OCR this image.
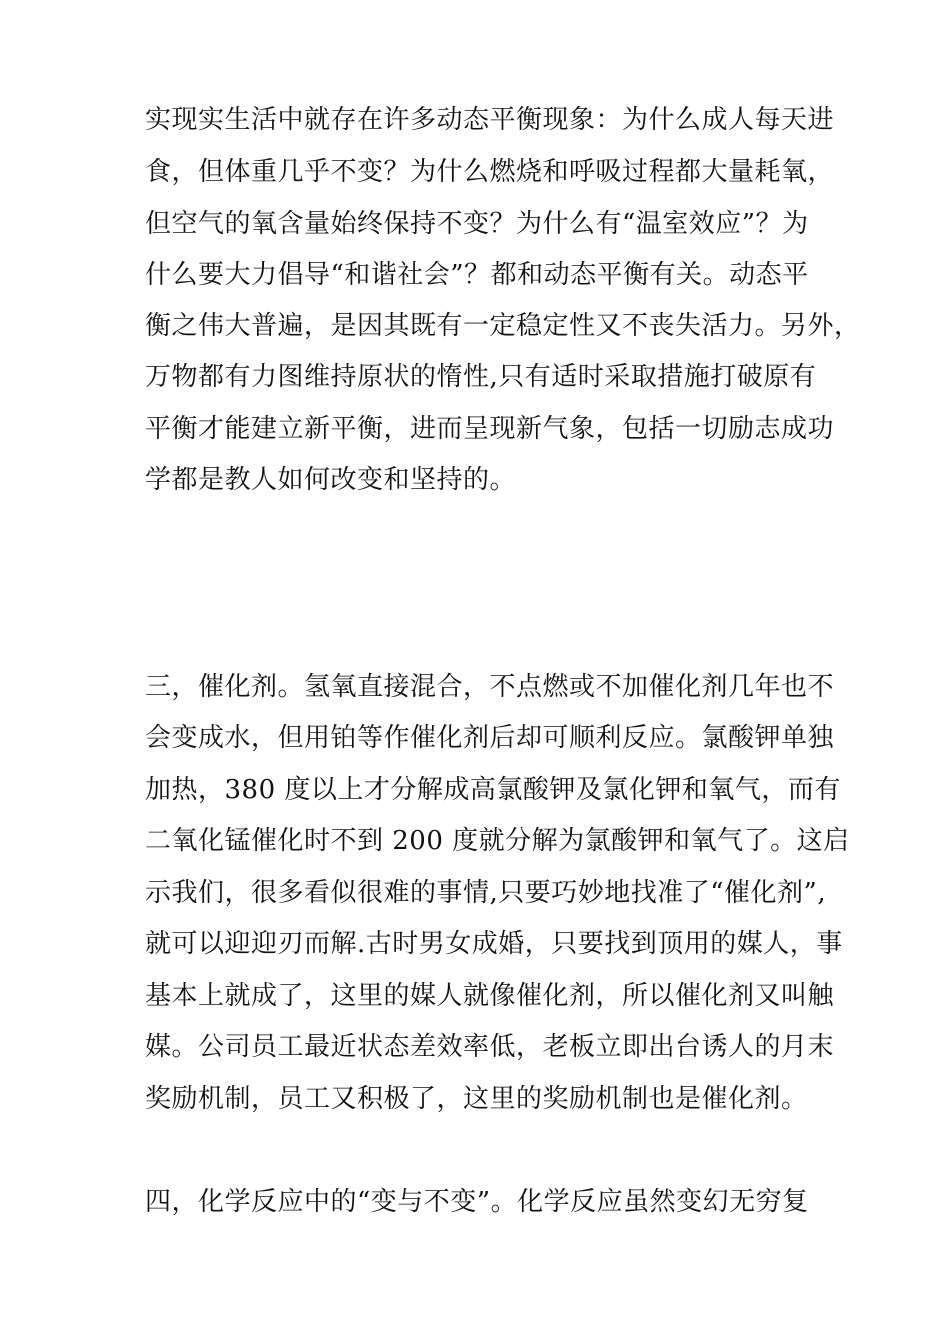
实现实生活中就存在许多动态平衡现象：为什么成人每天进
食，但体重几乎不变？为什么燃烧和呼吸过程都大量耗氧，
但空气的氧含量始终保持不变？为什么有“温室效应”？为
什么要大力倡导“和谐社会”？都和动态平衡有关。动态平
衡之伟大普遍，是因其既有一定稳定性又不丧失活力。另外，
万物都有力图维持原状的惰性,只有适时采取措施打破原有
平衡才能建立新平衡，进而呈现新气象，包括一切励志成功
学都是教人如何改变和坚持的。
三，催化剂。氢氧直接混合，不点燃或不加催化剂几年也不
会变成水，但用铂等作催化剂后却可顺利反应。氯酸钾单独
加热，380 度以上才分解成高氯酸钾及氯化钾和氧气，而有
二氧化锰催化时不到 200 度就分解为氯酸钾和氧气了。这启
示我们，很多看似很难的事情,只要巧妙地找准了“催化剂”,
就可以迎迎刃而解.古时男女成婚，只要找到顶用的媒人，事
基本上就成了，这里的媒人就像催化剂，所以催化剂又叫触
媒。公司员工最近状态差效率低，老板立即出台诱人的月末
奖励机制，员工又积极了，这里的奖励机制也是催化剂。
四，化学反应中的“变与不变”。化学反应虽然变幻无穷复
